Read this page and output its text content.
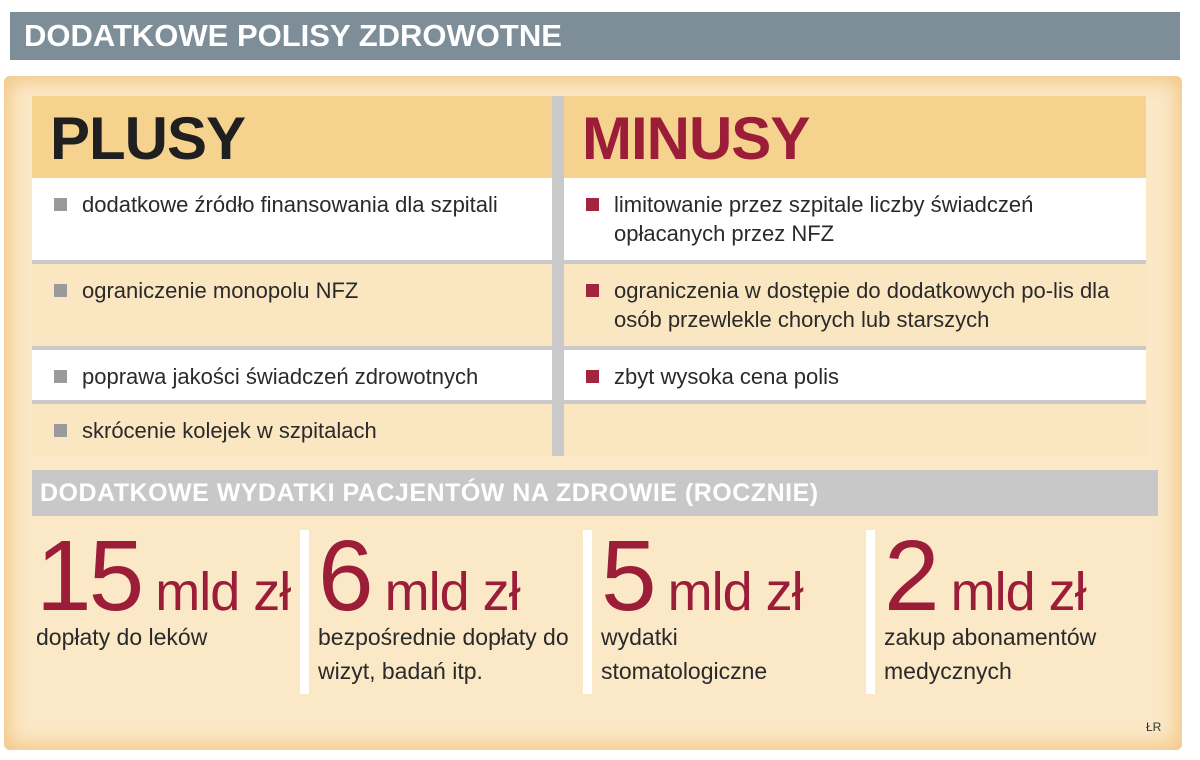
DODATKOWE POLISY ZDROWOTNE
PLUSY
dodatkowe źródło finansowania dla szpitali
ograniczenie monopolu NFZ
poprawa jakości świadczeń zdrowotnych
skrócenie kolejek w szpitalach
MINUSY
limitowanie przez szpitale liczby świadczeń opłacanych przez NFZ
ograniczenia w dostępie do dodatkowych po-lis dla osób przewlekle chorych lub starszych
zbyt wysoka cena polis
DODATKOWE WYDATKI PACJENTÓW NA ZDROWIE (ROCZNIE)
15 mld zł
dopłaty do leków
6 mld zł
bezpośrednie dopłaty do wizyt, badań itp.
5 mld zł
wydatki stomatologiczne
2 mld zł
zakup abonamentów medycznych
ŁR
